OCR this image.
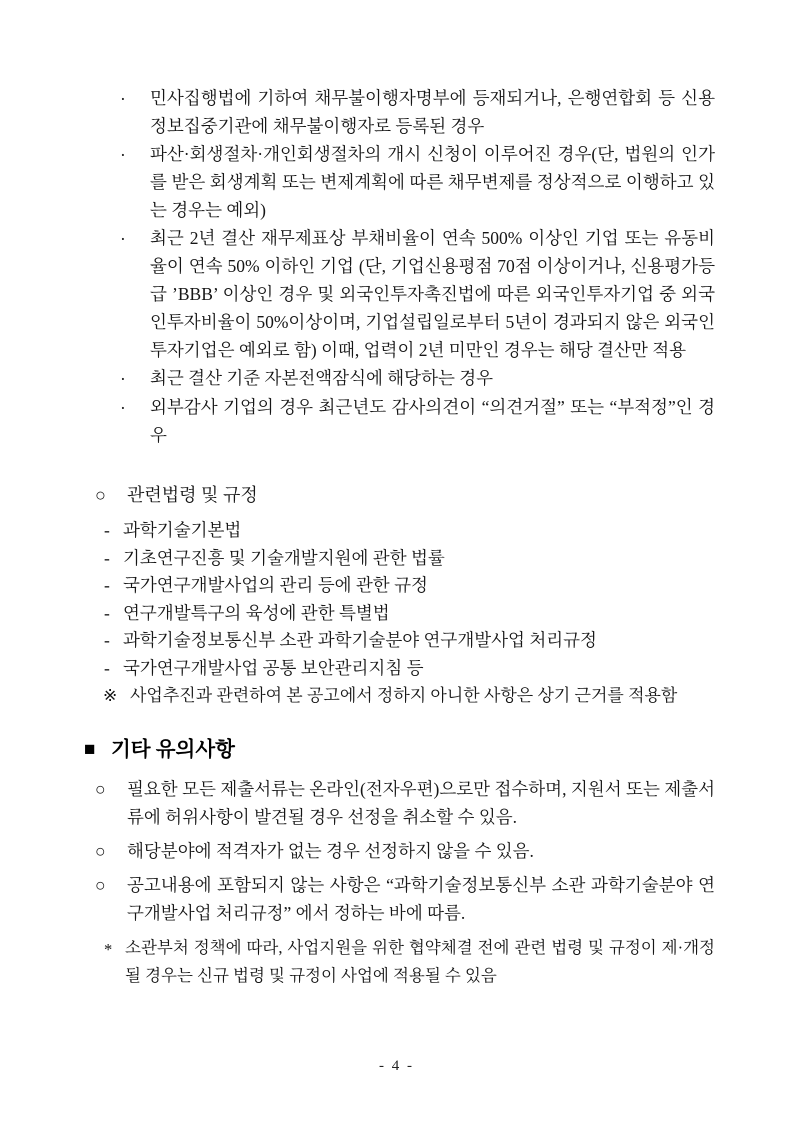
·	민사집행법에 기하여 채무불이행자명부에 등재되거나, 은행연합회 등 신용정보집중기관에 채무불이행자로 등록된 경우
·	파산·회생절차·개인회생절차의 개시 신청이 이루어진 경우(단, 법원의 인가를 받은 회생계획 또는 변제계획에 따른 채무변제를 정상적으로 이행하고 있는 경우는 예외)
·	최근 2년 결산 재무제표상 부채비율이 연속 500% 이상인 기업 또는 유동비율이 연속 50% 이하인 기업 (단, 기업신용평점 70점 이상이거나, 신용평가등급 ’BBB’ 이상인 경우 및 외국인투자촉진법에 따른 외국인투자기업 중 외국인투자비율이 50%이상이며, 기업설립일로부터 5년이 경과되지 않은 외국인투자기업은 예외로 함) 이때, 업력이 2년 미만인 경우는 해당 결산만 적용
·	최근 결산 기준 자본전액잠식에 해당하는 경우
·	외부감사 기업의 경우 최근년도 감사의견이 “의견거절” 또는 “부적정”인 경우
○	관련법령 및 규정
- 과학기술기본법
- 기초연구진흥 및 기술개발지원에 관한 법률
- 국가연구개발사업의 관리 등에 관한 규정
- 연구개발특구의 육성에 관한 특별법
- 과학기술정보통신부 소관 과학기술분야 연구개발사업 처리규정
- 국가연구개발사업 공통 보안관리지침 등
※ 사업추진과 관련하여 본 공고에서 정하지 아니한 사항은 상기 근거를 적용함
■ 기타 유의사항
○	필요한 모든 제출서류는 온라인(전자우편)으로만 접수하며, 지원서 또는 제출서류에 허위사항이 발견될 경우 선정을 취소할 수 있음.
○	해당분야에 적격자가 없는 경우 선정하지 않을 수 있음.
○	공고내용에 포함되지 않는 사항은 “과학기술정보통신부 소관 과학기술분야 연구개발사업 처리규정” 에서 정하는 바에 따름.
* 소관부처 정책에 따라, 사업지원을 위한 협약체결 전에 관련 법령 및 규정이 제·개정될 경우는 신규 법령 및 규정이 사업에 적용될 수 있음
- 4 -
